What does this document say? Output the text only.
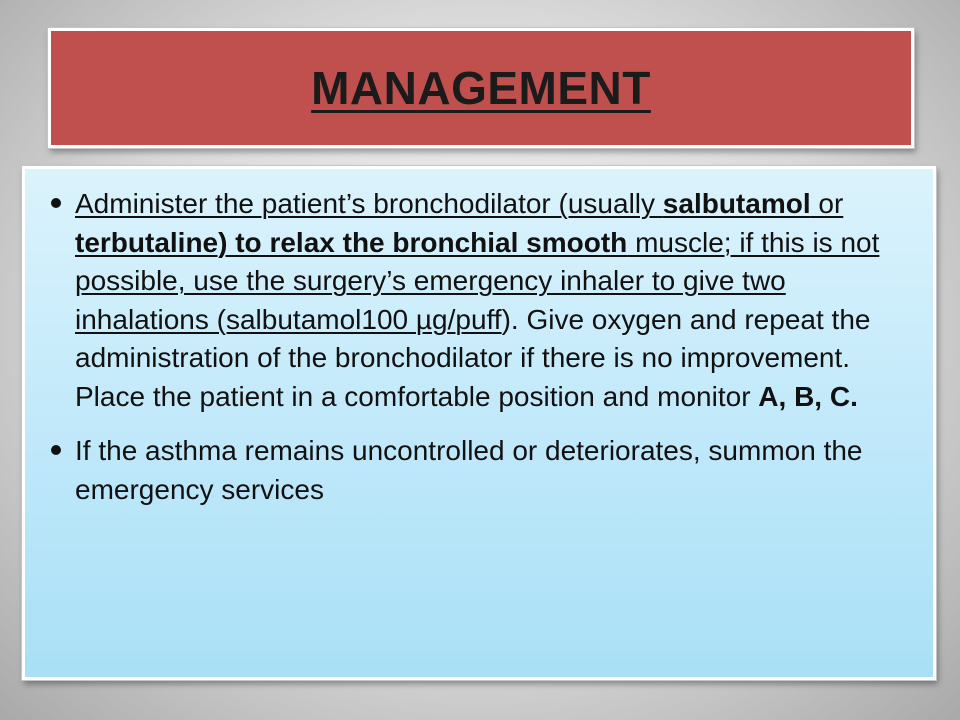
MANAGEMENT
Administer the patient’s bronchodilator (usually salbutamol or terbutaline) to relax the bronchial smooth muscle; if this is not possible, use the surgery’s emergency inhaler to give two inhalations (salbutamol100 µg/puff). Give oxygen and repeat the administration of the bronchodilator if there is no improvement. Place the patient in a comfortable position and monitor A, B, C.
If the asthma remains uncontrolled or deteriorates, summon the emergency services
